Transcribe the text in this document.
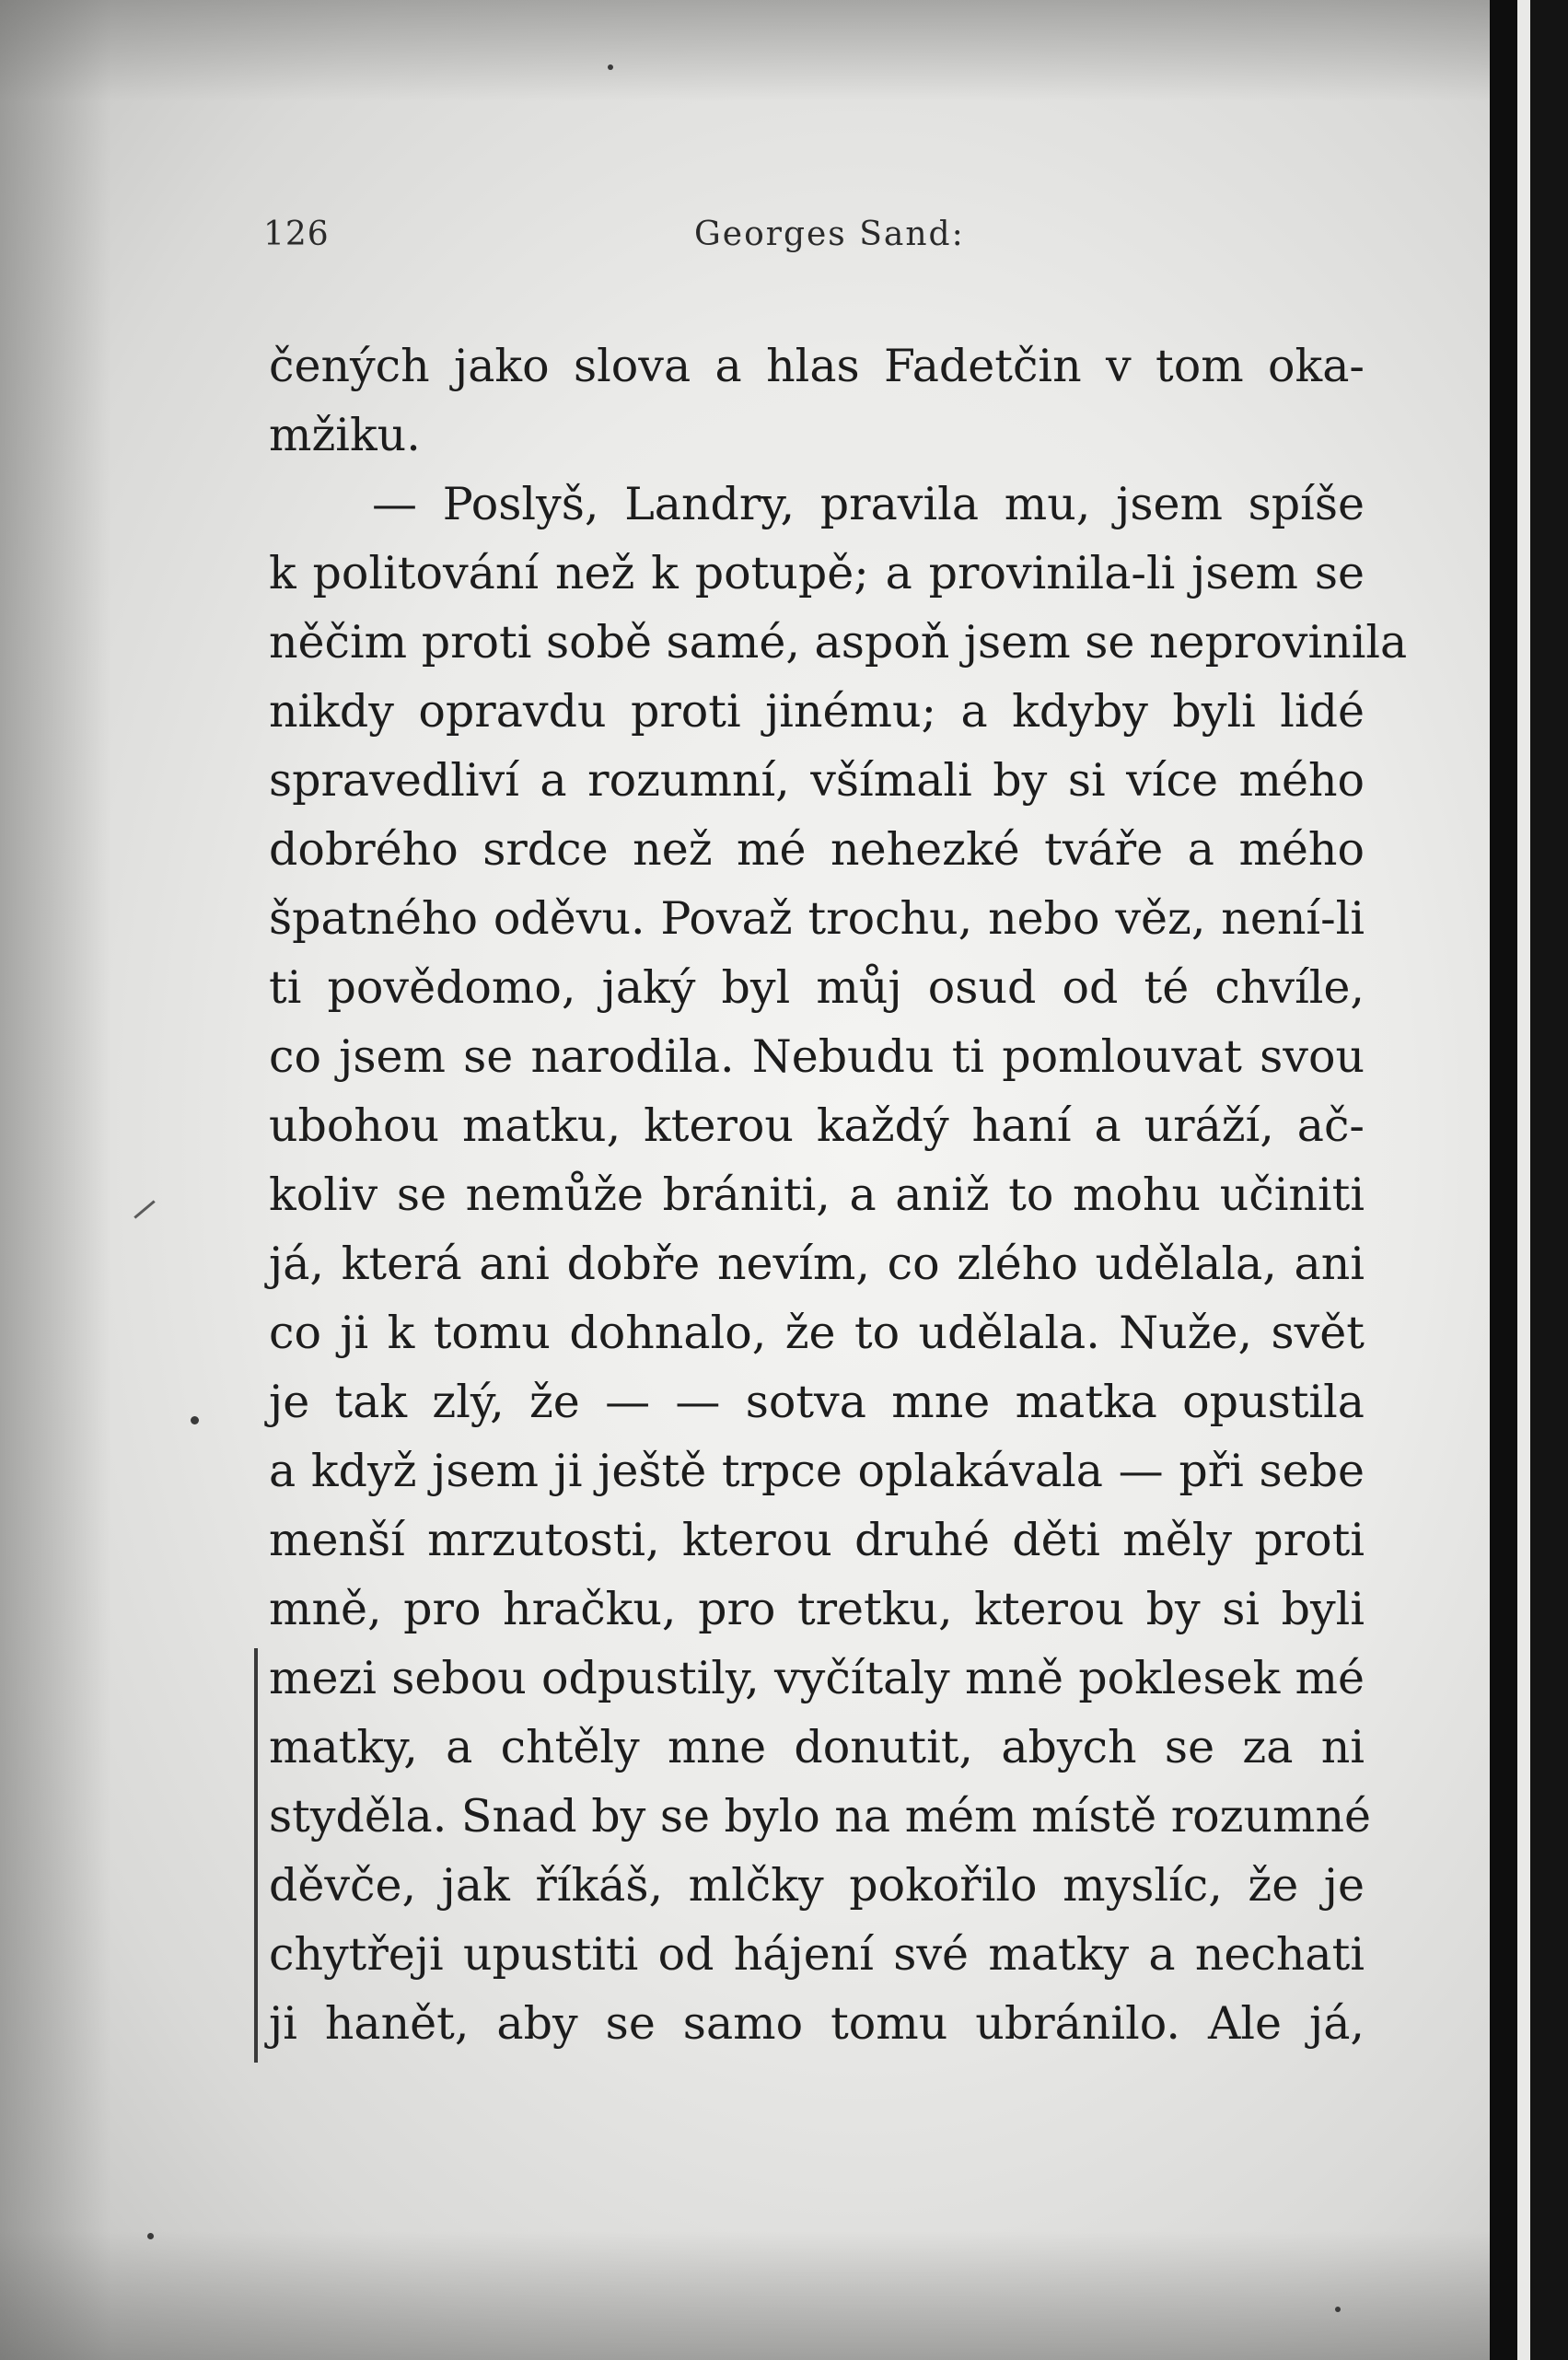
126	Georges Sand:
čených jako slova a hlas Fadetčin v tom oka-
mžiku.
— Poslyš, Landry, pravila mu, jsem spíše
k politování než k potupě; a provinila-li jsem se
něčim proti sobě samé, aspoň jsem se neprovinila
nikdy opravdu proti jinému; a kdyby byli lidé
spravedliví a rozumní, všímali by si více mého
dobrého srdce než mé nehezké tváře a mého
špatného oděvu. Považ trochu, nebo věz, není-li
ti povědomo, jaký byl můj osud od té chvíle,
co jsem se narodila. Nebudu ti pomlouvat svou
ubohou matku, kterou každý haní a uráží, ač-
koliv se nemůže brániti, a aniž to mohu učiniti
já, která ani dobře nevím, co zlého udělala, ani
co ji k tomu dohnalo, že to udělala. Nuže, svět
je tak zlý, že — — sotva mne matka opustila
a když jsem ji ještě trpce oplakávala — při sebe
menší mrzutosti, kterou druhé děti měly proti
mně, pro hračku, pro tretku, kterou by si byli
mezi sebou odpustily, vyčítaly mně poklesek mé
matky, a chtěly mne donutit, abych se za ni
styděla. Snad by se bylo na mém místě rozumné
děvče, jak říkáš, mlčky pokořilo myslíc, že je
chytřeji upustiti od hájení své matky a nechati
ji hanět, aby se samo tomu ubránilo. Ale já,
